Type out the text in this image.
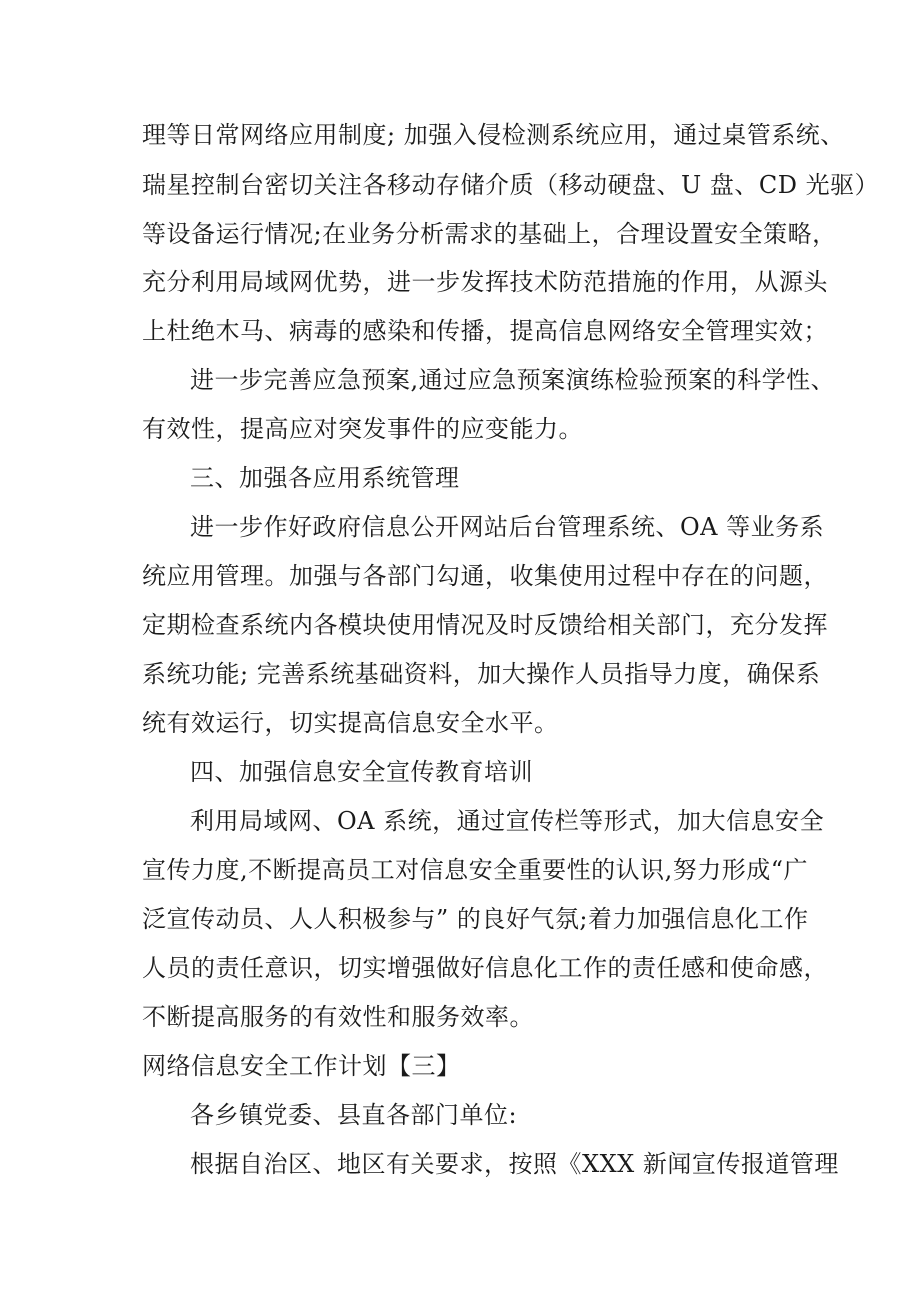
理等日常网络应用制度; 加强入侵检测系统应用，通过桌管系统、
瑞星控制台密切关注各移动存储介质（移动硬盘、U 盘、CD 光驱）
等设备运行情况;在业务分析需求的基础上，合理设置安全策略，
充分利用局域网优势，进一步发挥技术防范措施的作用，从源头
上杜绝木马、病毒的感染和传播，提高信息网络安全管理实效；
进一步完善应急预案,通过应急预案演练检验预案的科学性、
有效性，提高应对突发事件的应变能力。
三、加强各应用系统管理
进一步作好政府信息公开网站后台管理系统、OA 等业务系
统应用管理。加强与各部门勾通，收集使用过程中存在的问题，
定期检查系统内各模块使用情况及时反馈给相关部门，充分发挥
系统功能; 完善系统基础资料，加大操作人员指导力度，确保系
统有效运行，切实提高信息安全水平。
四、加强信息安全宣传教育培训
利用局域网、OA 系统，通过宣传栏等形式，加大信息安全
宣传力度,不断提高员工对信息安全重要性的认识,努力形成“广
泛宣传动员、人人积极参与” 的良好气氛;着力加强信息化工作
人员的责任意识，切实增强做好信息化工作的责任感和使命感，
不断提高服务的有效性和服务效率。
网络信息安全工作计划【三】
各乡镇党委、县直各部门单位:
根据自治区、地区有关要求，按照《XXX 新闻宣传报道管理
